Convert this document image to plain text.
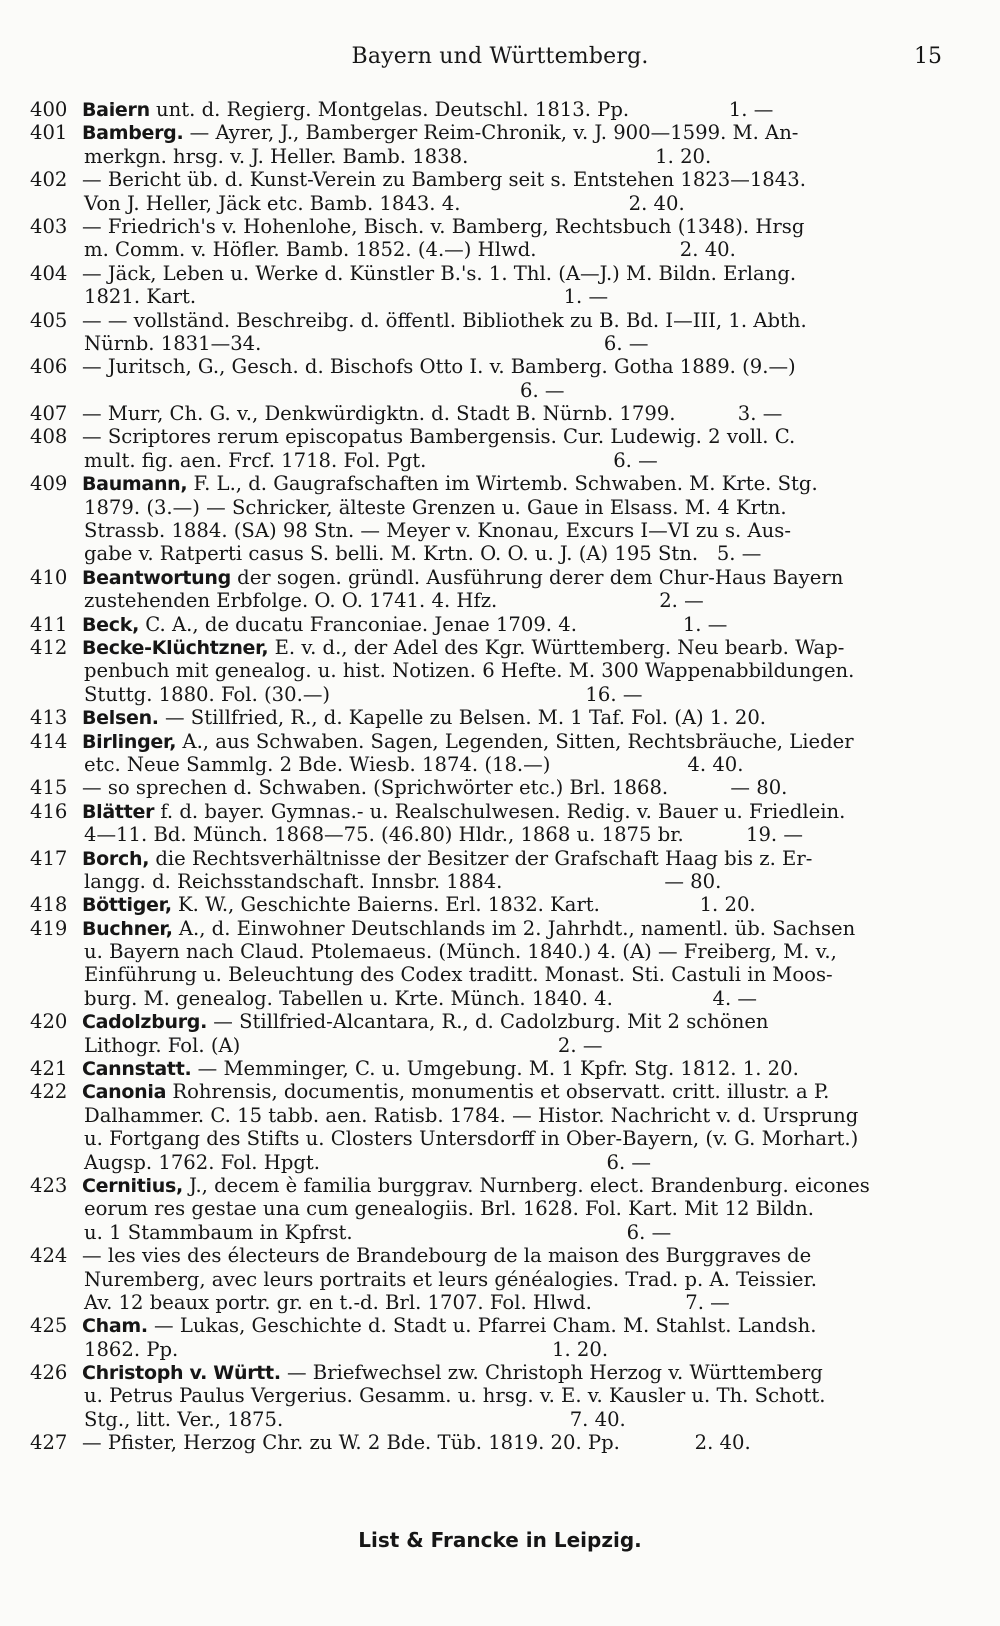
Bayern und Württemberg.	15
400 Baiern unt. d. Regierg. Montgelas. Deutschl. 1813. Pp.                1. —
401 Bamberg. — Ayrer, J., Bamberger Reim-Chronik, v. J. 900—1599. M. An-
merkgn. hrsg. v. J. Heller. Bamb. 1838.                              1. 20.
402 — Bericht üb. d. Kunst-Verein zu Bamberg seit s. Entstehen 1823—1843.
Von J. Heller, Jäck etc. Bamb. 1843. 4.                           2. 40.
403 — Friedrich's v. Hohenlohe, Bisch. v. Bamberg, Rechtsbuch (1348). Hrsg
m. Comm. v. Höfler. Bamb. 1852. (4.—) Hlwd.                       2. 40.
404 — Jäck, Leben u. Werke d. Künstler B.'s. 1. Thl. (A—J.) M. Bildn. Erlang.
1821. Kart.                                                           1. —
405 — — vollständ. Beschreibg. d. öffentl. Bibliothek zu B. Bd. I—III, 1. Abth.
Nürnb. 1831—34.                                                       6. —
406 — Juritsch, G., Gesch. d. Bischofs Otto I. v. Bamberg. Gotha 1889. (9.—)
6. —
407 — Murr, Ch. G. v., Denkwürdigktn. d. Stadt B. Nürnb. 1799.          3. —
408 — Scriptores rerum episcopatus Bambergensis. Cur. Ludewig. 2 voll. C.
mult. fig. aen. Frcf. 1718. Fol. Pgt.                              6. —
409 Baumann, F. L., d. Gaugrafschaften im Wirtemb. Schwaben. M. Krte. Stg.
1879. (3.—) — Schricker, älteste Grenzen u. Gaue in Elsass. M. 4 Krtn.
Strassb. 1884. (SA) 98 Stn. — Meyer v. Knonau, Excurs I—VI zu s. Aus-
gabe v. Ratperti casus S. belli. M. Krtn. O. O. u. J. (A) 195 Stn.   5. —
410 Beantwortung der sogen. gründl. Ausführung derer dem Chur-Haus Bayern
zustehenden Erbfolge. O. O. 1741. 4. Hfz.                          2. —
411 Beck, C. A., de ducatu Franconiae. Jenae 1709. 4.                 1. —
412 Becke-Klüchtzner, E. v. d., der Adel des Kgr. Württemberg. Neu bearb. Wap-
penbuch mit genealog. u. hist. Notizen. 6 Hefte. M. 300 Wappenabbildungen.
Stuttg. 1880. Fol. (30.—)                                         16. —
413 Belsen. — Stillfried, R., d. Kapelle zu Belsen. M. 1 Taf. Fol. (A) 1. 20.
414 Birlinger, A., aus Schwaben. Sagen, Legenden, Sitten, Rechtsbräuche, Lieder
etc. Neue Sammlg. 2 Bde. Wiesb. 1874. (18.—)                      4. 40.
415 — so sprechen d. Schwaben. (Sprichwörter etc.) Brl. 1868.          — 80.
416 Blätter f. d. bayer. Gymnas.- u. Realschulwesen. Redig. v. Bauer u. Friedlein.
4—11. Bd. Münch. 1868—75. (46.80) Hldr., 1868 u. 1875 br.          19. —
417 Borch, die Rechtsverhältnisse der Besitzer der Grafschaft Haag bis z. Er-
langg. d. Reichsstandschaft. Innsbr. 1884.                          — 80.
418 Böttiger, K. W., Geschichte Baierns. Erl. 1832. Kart.                1. 20.
419 Buchner, A., d. Einwohner Deutschlands im 2. Jahrhdt., namentl. üb. Sachsen
u. Bayern nach Claud. Ptolemaeus. (Münch. 1840.) 4. (A) — Freiberg, M. v.,
Einführung u. Beleuchtung des Codex traditt. Monast. Sti. Castuli in Moos-
burg. M. genealog. Tabellen u. Krte. Münch. 1840. 4.                4. —
420 Cadolzburg. — Stillfried-Alcantara, R., d. Cadolzburg. Mit 2 schönen
Lithogr. Fol. (A)                                                   2. —
421 Cannstatt. — Memminger, C. u. Umgebung. M. 1 Kpfr. Stg. 1812. 1. 20.
422 Canonia Rohrensis, documentis, monumentis et observatt. critt. illustr. a P.
Dalhammer. C. 15 tabb. aen. Ratisb. 1784. — Histor. Nachricht v. d. Ursprung
u. Fortgang des Stifts u. Closters Untersdorff in Ober-Bayern, (v. G. Morhart.)
Augsp. 1762. Fol. Hpgt.                                              6. —
423 Cernitius, J., decem è familia burggrav. Nurnberg. elect. Brandenburg. eicones
eorum res gestae una cum genealogiis. Brl. 1628. Fol. Kart. Mit 12 Bildn.
u. 1 Stammbaum in Kpfrst.                                            6. —
424 — les vies des électeurs de Brandebourg de la maison des Burggraves de
Nuremberg, avec leurs portraits et leurs généalogies. Trad. p. A. Teissier.
Av. 12 beaux portr. gr. en t.-d. Brl. 1707. Fol. Hlwd.               7. —
425 Cham. — Lukas, Geschichte d. Stadt u. Pfarrei Cham. M. Stahlst. Landsh.
1862. Pp.                                                            1. 20.
426 Christoph v. Württ. — Briefwechsel zw. Christoph Herzog v. Württemberg
u. Petrus Paulus Vergerius. Gesamm. u. hrsg. v. E. v. Kausler u. Th. Schott.
Stg., litt. Ver., 1875.                                              7. 40.
427 — Pfister, Herzog Chr. zu W. 2 Bde. Tüb. 1819. 20. Pp.            2. 40.
List & Francke in Leipzig.
